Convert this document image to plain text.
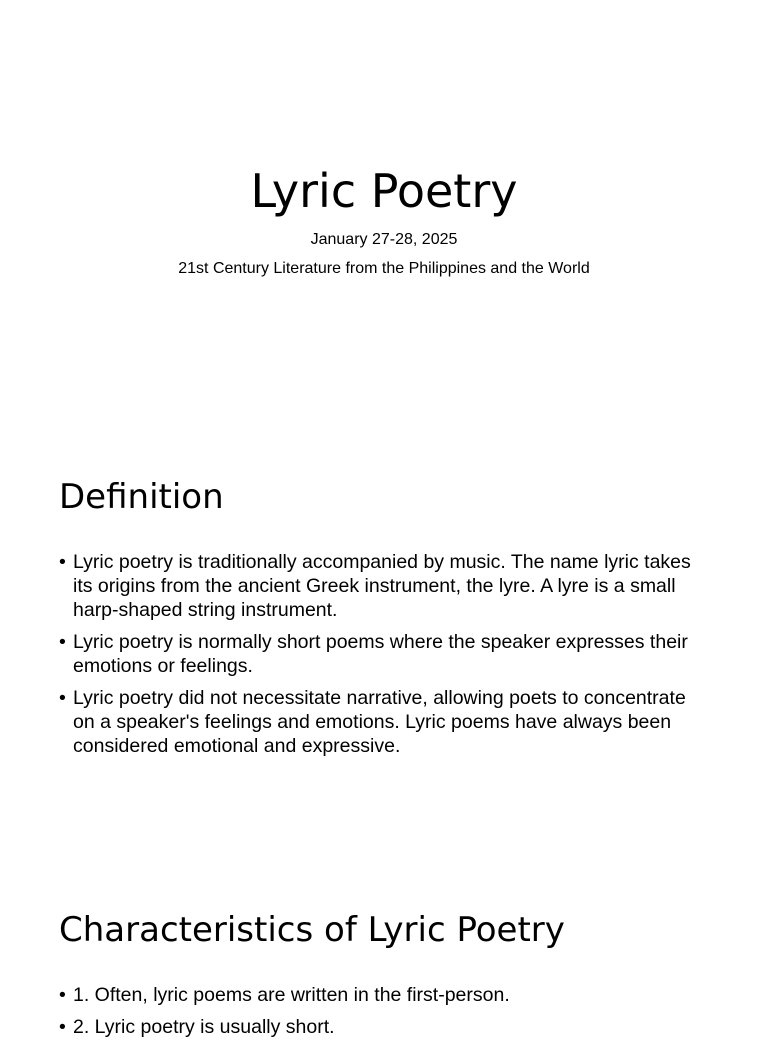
Lyric Poetry

January 27-28, 2025

21st Century Literature from the Philippines and the World

Definition
• Lyric poetry is traditionally accompanied by music. The name lyric takes its origins from the ancient Greek instrument, the lyre. A lyre is a small harp-shaped string instrument.
• Lyric poetry is normally short poems where the speaker expresses their emotions or feelings.
• Lyric poetry did not necessitate narrative, allowing poets to concentrate on a speaker's feelings and emotions. Lyric poems have always been considered emotional and expressive.
Characteristics of Lyric Poetry
• 1. Often, lyric poems are written in the first-person.
• 2. Lyric poetry is usually short.
